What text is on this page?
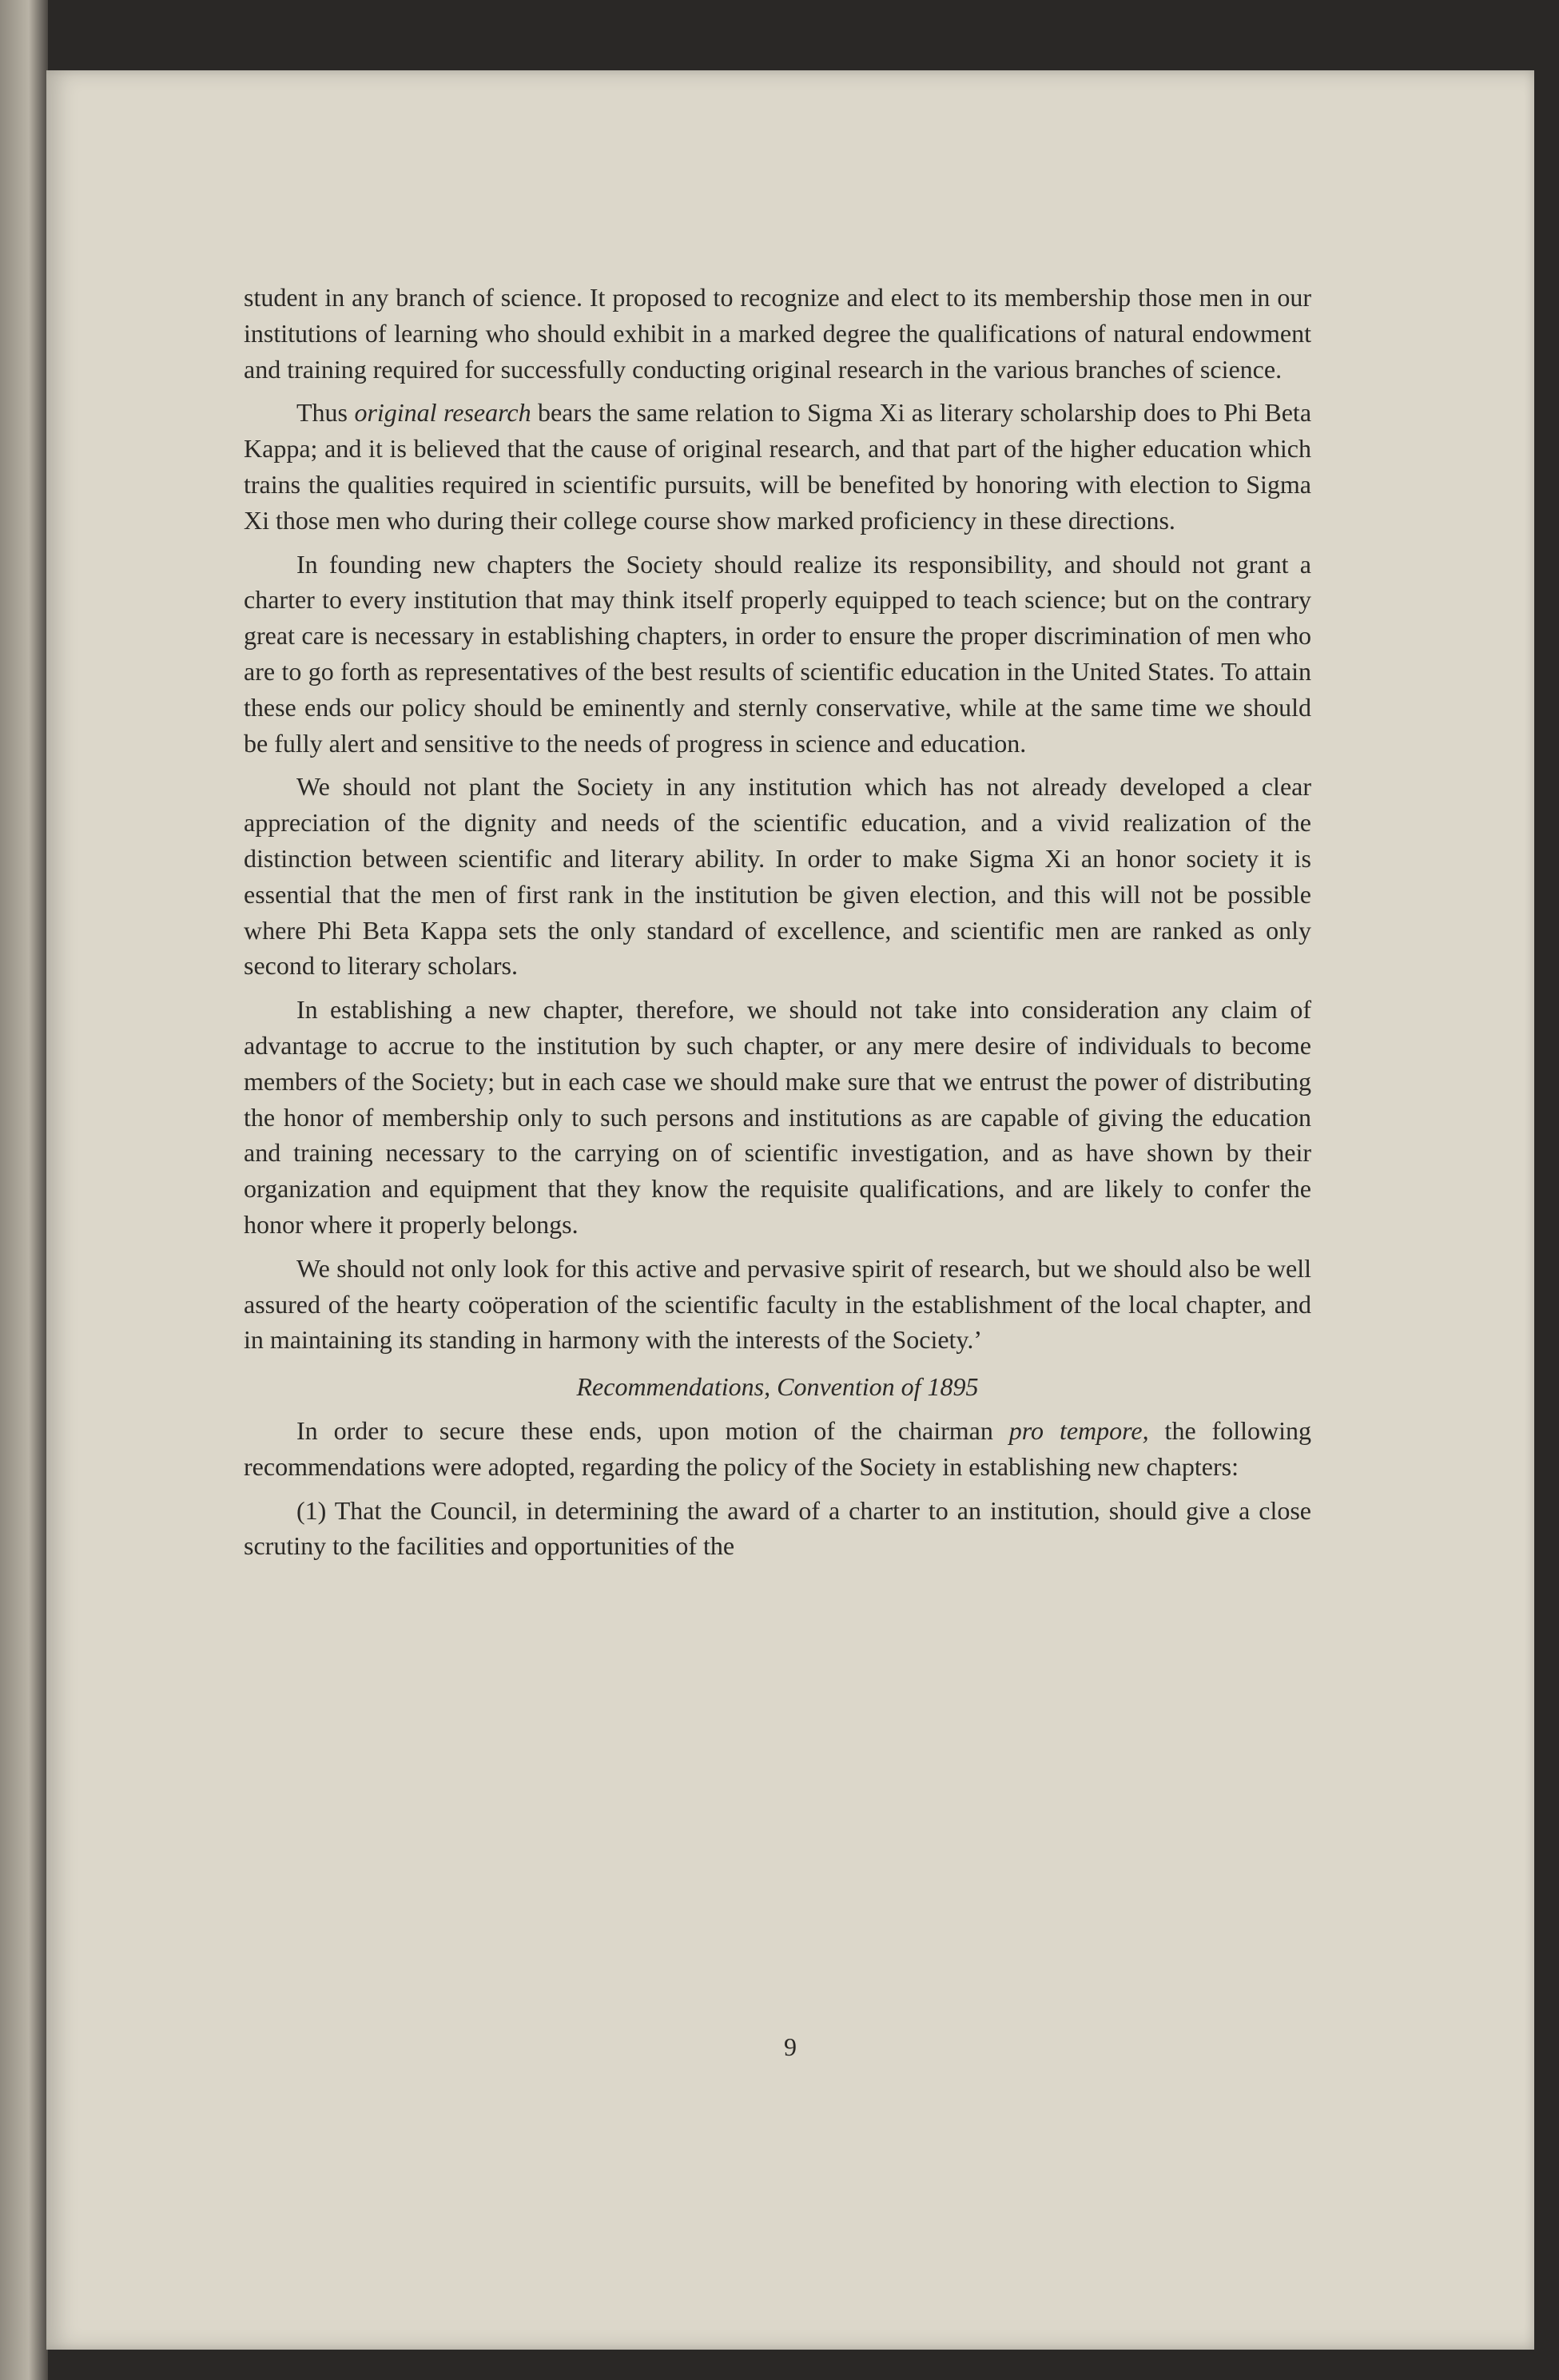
student in any branch of science. It proposed to recognize and elect to its membership those men in our institutions of learning who should exhibit in a marked degree the qualifications of natural endowment and training required for successfully conducting original research in the various branches of science.

Thus original research bears the same relation to Sigma Xi as literary scholarship does to Phi Beta Kappa; and it is believed that the cause of original research, and that part of the higher education which trains the qualities required in scientific pursuits, will be benefited by honoring with election to Sigma Xi those men who during their college course show marked proficiency in these directions.

In founding new chapters the Society should realize its responsibility, and should not grant a charter to every institution that may think itself properly equipped to teach science; but on the contrary great care is necessary in establishing chapters, in order to ensure the proper discrimination of men who are to go forth as representatives of the best results of scientific education in the United States. To attain these ends our policy should be eminently and sternly conservative, while at the same time we should be fully alert and sensitive to the needs of progress in science and education.

We should not plant the Society in any institution which has not already developed a clear appreciation of the dignity and needs of the scientific education, and a vivid realization of the distinction between scientific and literary ability. In order to make Sigma Xi an honor society it is essential that the men of first rank in the institution be given election, and this will not be possible where Phi Beta Kappa sets the only standard of excellence, and scientific men are ranked as only second to literary scholars.

In establishing a new chapter, therefore, we should not take into consideration any claim of advantage to accrue to the institution by such chapter, or any mere desire of individuals to become members of the Society; but in each case we should make sure that we entrust the power of distributing the honor of membership only to such persons and institutions as are capable of giving the education and training necessary to the carrying on of scientific investigation, and as have shown by their organization and equipment that they know the requisite qualifications, and are likely to confer the honor where it properly belongs.

We should not only look for this active and pervasive spirit of research, but we should also be well assured of the hearty coöperation of the scientific faculty in the establishment of the local chapter, and in maintaining its standing in harmony with the interests of the Society.’

Recommendations, Convention of 1895

In order to secure these ends, upon motion of the chairman pro tempore, the following recommendations were adopted, regarding the policy of the Society in establishing new chapters:

(1) That the Council, in determining the award of a charter to an institution, should give a close scrutiny to the facilities and opportunities of the

9
